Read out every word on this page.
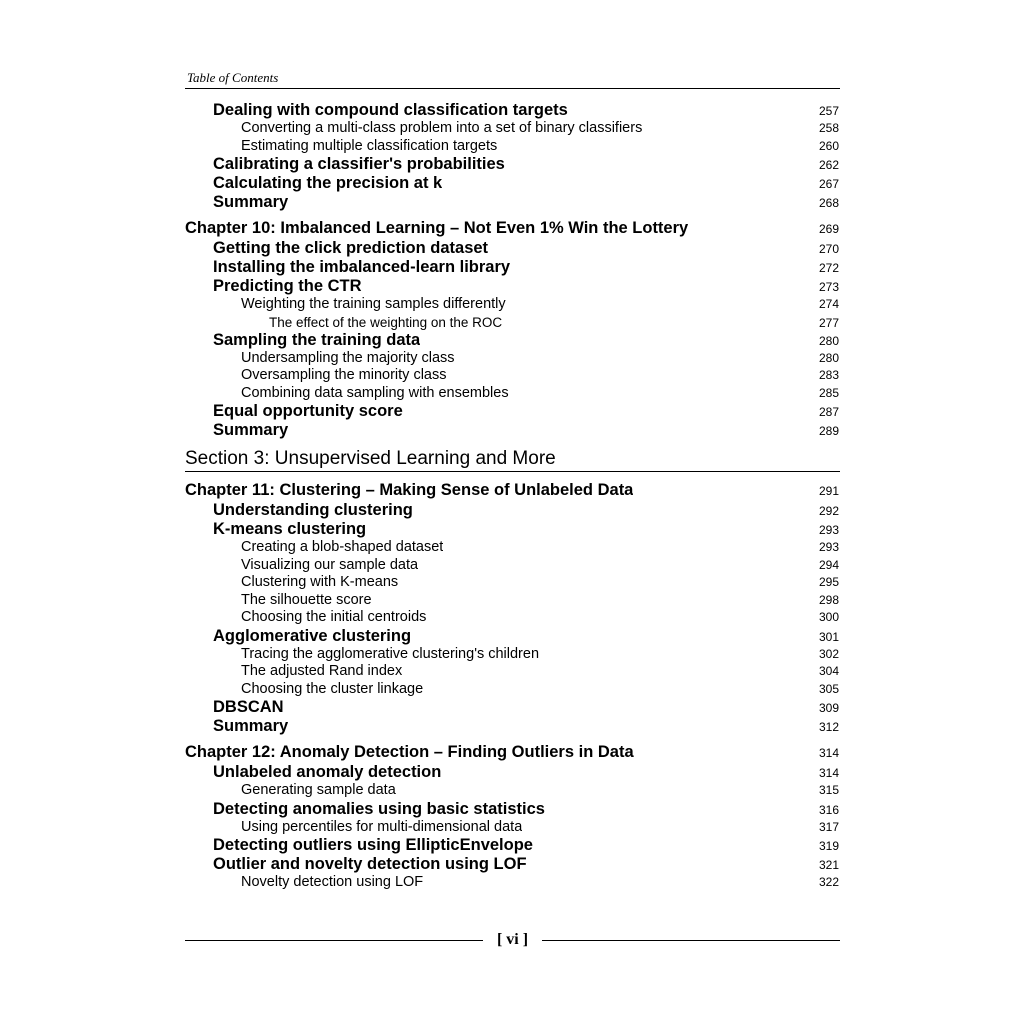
Table of Contents
Dealing with compound classification targets	257
Converting a multi-class problem into a set of binary classifiers	258
Estimating multiple classification targets	260
Calibrating a classifier's probabilities	262
Calculating the precision at k	267
Summary	268
Chapter 10: Imbalanced Learning – Not Even 1% Win the Lottery	269
Getting the click prediction dataset	270
Installing the imbalanced-learn library	272
Predicting the CTR	273
Weighting the training samples differently	274
The effect of the weighting on the ROC	277
Sampling the training data	280
Undersampling the majority class	280
Oversampling the minority class	283
Combining data sampling with ensembles	285
Equal opportunity score	287
Summary	289
Section 3: Unsupervised Learning and More
Chapter 11: Clustering – Making Sense of Unlabeled Data	291
Understanding clustering	292
K-means clustering	293
Creating a blob-shaped dataset	293
Visualizing our sample data	294
Clustering with K-means	295
The silhouette score	298
Choosing the initial centroids	300
Agglomerative clustering	301
Tracing the agglomerative clustering's children	302
The adjusted Rand index	304
Choosing the cluster linkage	305
DBSCAN	309
Summary	312
Chapter 12: Anomaly Detection – Finding Outliers in Data	314
Unlabeled anomaly detection	314
Generating sample data	315
Detecting anomalies using basic statistics	316
Using percentiles for multi-dimensional data	317
Detecting outliers using EllipticEnvelope	319
Outlier and novelty detection using LOF	321
Novelty detection using LOF	322
[ vi ]
